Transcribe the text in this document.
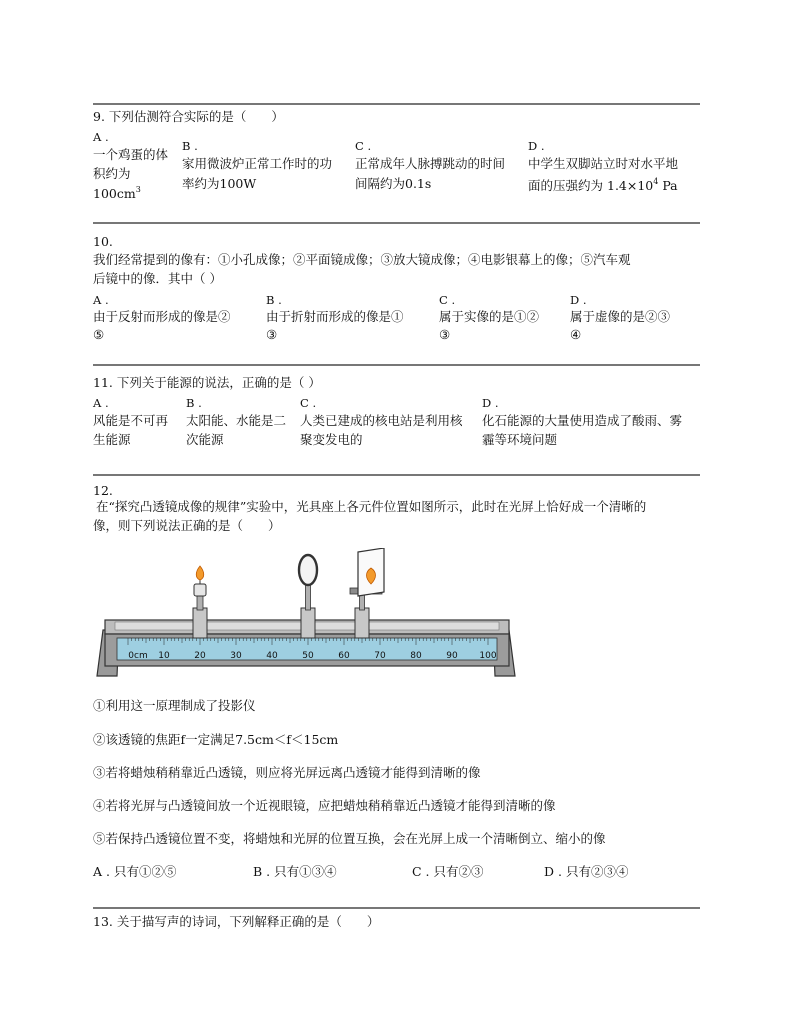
9. 下列估测符合实际的是（　　）
A .
一个鸡蛋的体
积约为
$100cm^3$
B .
家用微波炉正常工作时的功
率约为100W
C .
正常成年人脉搏跳动的时间
间隔约为0.1s
D .
中学生双脚站立时对水平地
面的压强约为 $1.4\times 10^4$ Pa
10.
我们经常提到的像有：①小孔成像；②平面镜成像；③放大镜成像；④电影银幕上的像；⑤汽车观
后镜中的像．其中（ ）
A .
由于反射而形成的像是②
⑤
B .
由于折射而形成的像是①
③
C .
属于实像的是①②
③
D .
属于虚像的是②③
④
11. 下列关于能源的说法，正确的是（ ）
A .
风能是不可再
生能源
B .
太阳能、水能是二
次能源
C .
人类已建成的核电站是利用核
聚变发电的
D .
化石能源的大量使用造成了酸雨、雾
霾等环境问题
12.
在“探究凸透镜成像的规律”实验中，光具座上各元件位置如图所示，此时在光屏上恰好成一个清晰的
像，则下列说法正确的是（　　）
0cm 10	20	30	40	50	60	70	80	90 100
①利用这一原理制成了投影仪
②该透镜的焦距f一定满足7.5cm＜f＜15cm
③若将蜡烛稍稍靠近凸透镜，则应将光屏远离凸透镜才能得到清晰的像
④若将光屏与凸透镜间放一个近视眼镜，应把蜡烛稍稍靠近凸透镜才能得到清晰的像
⑤若保持凸透镜位置不变，将蜡烛和光屏的位置互换，会在光屏上成一个清晰倒立、缩小的像
A . 只有①②⑤	B . 只有①③④	C . 只有②③	D . 只有②③④
13. 关于描写声的诗词，下列解释正确的是（　　）
